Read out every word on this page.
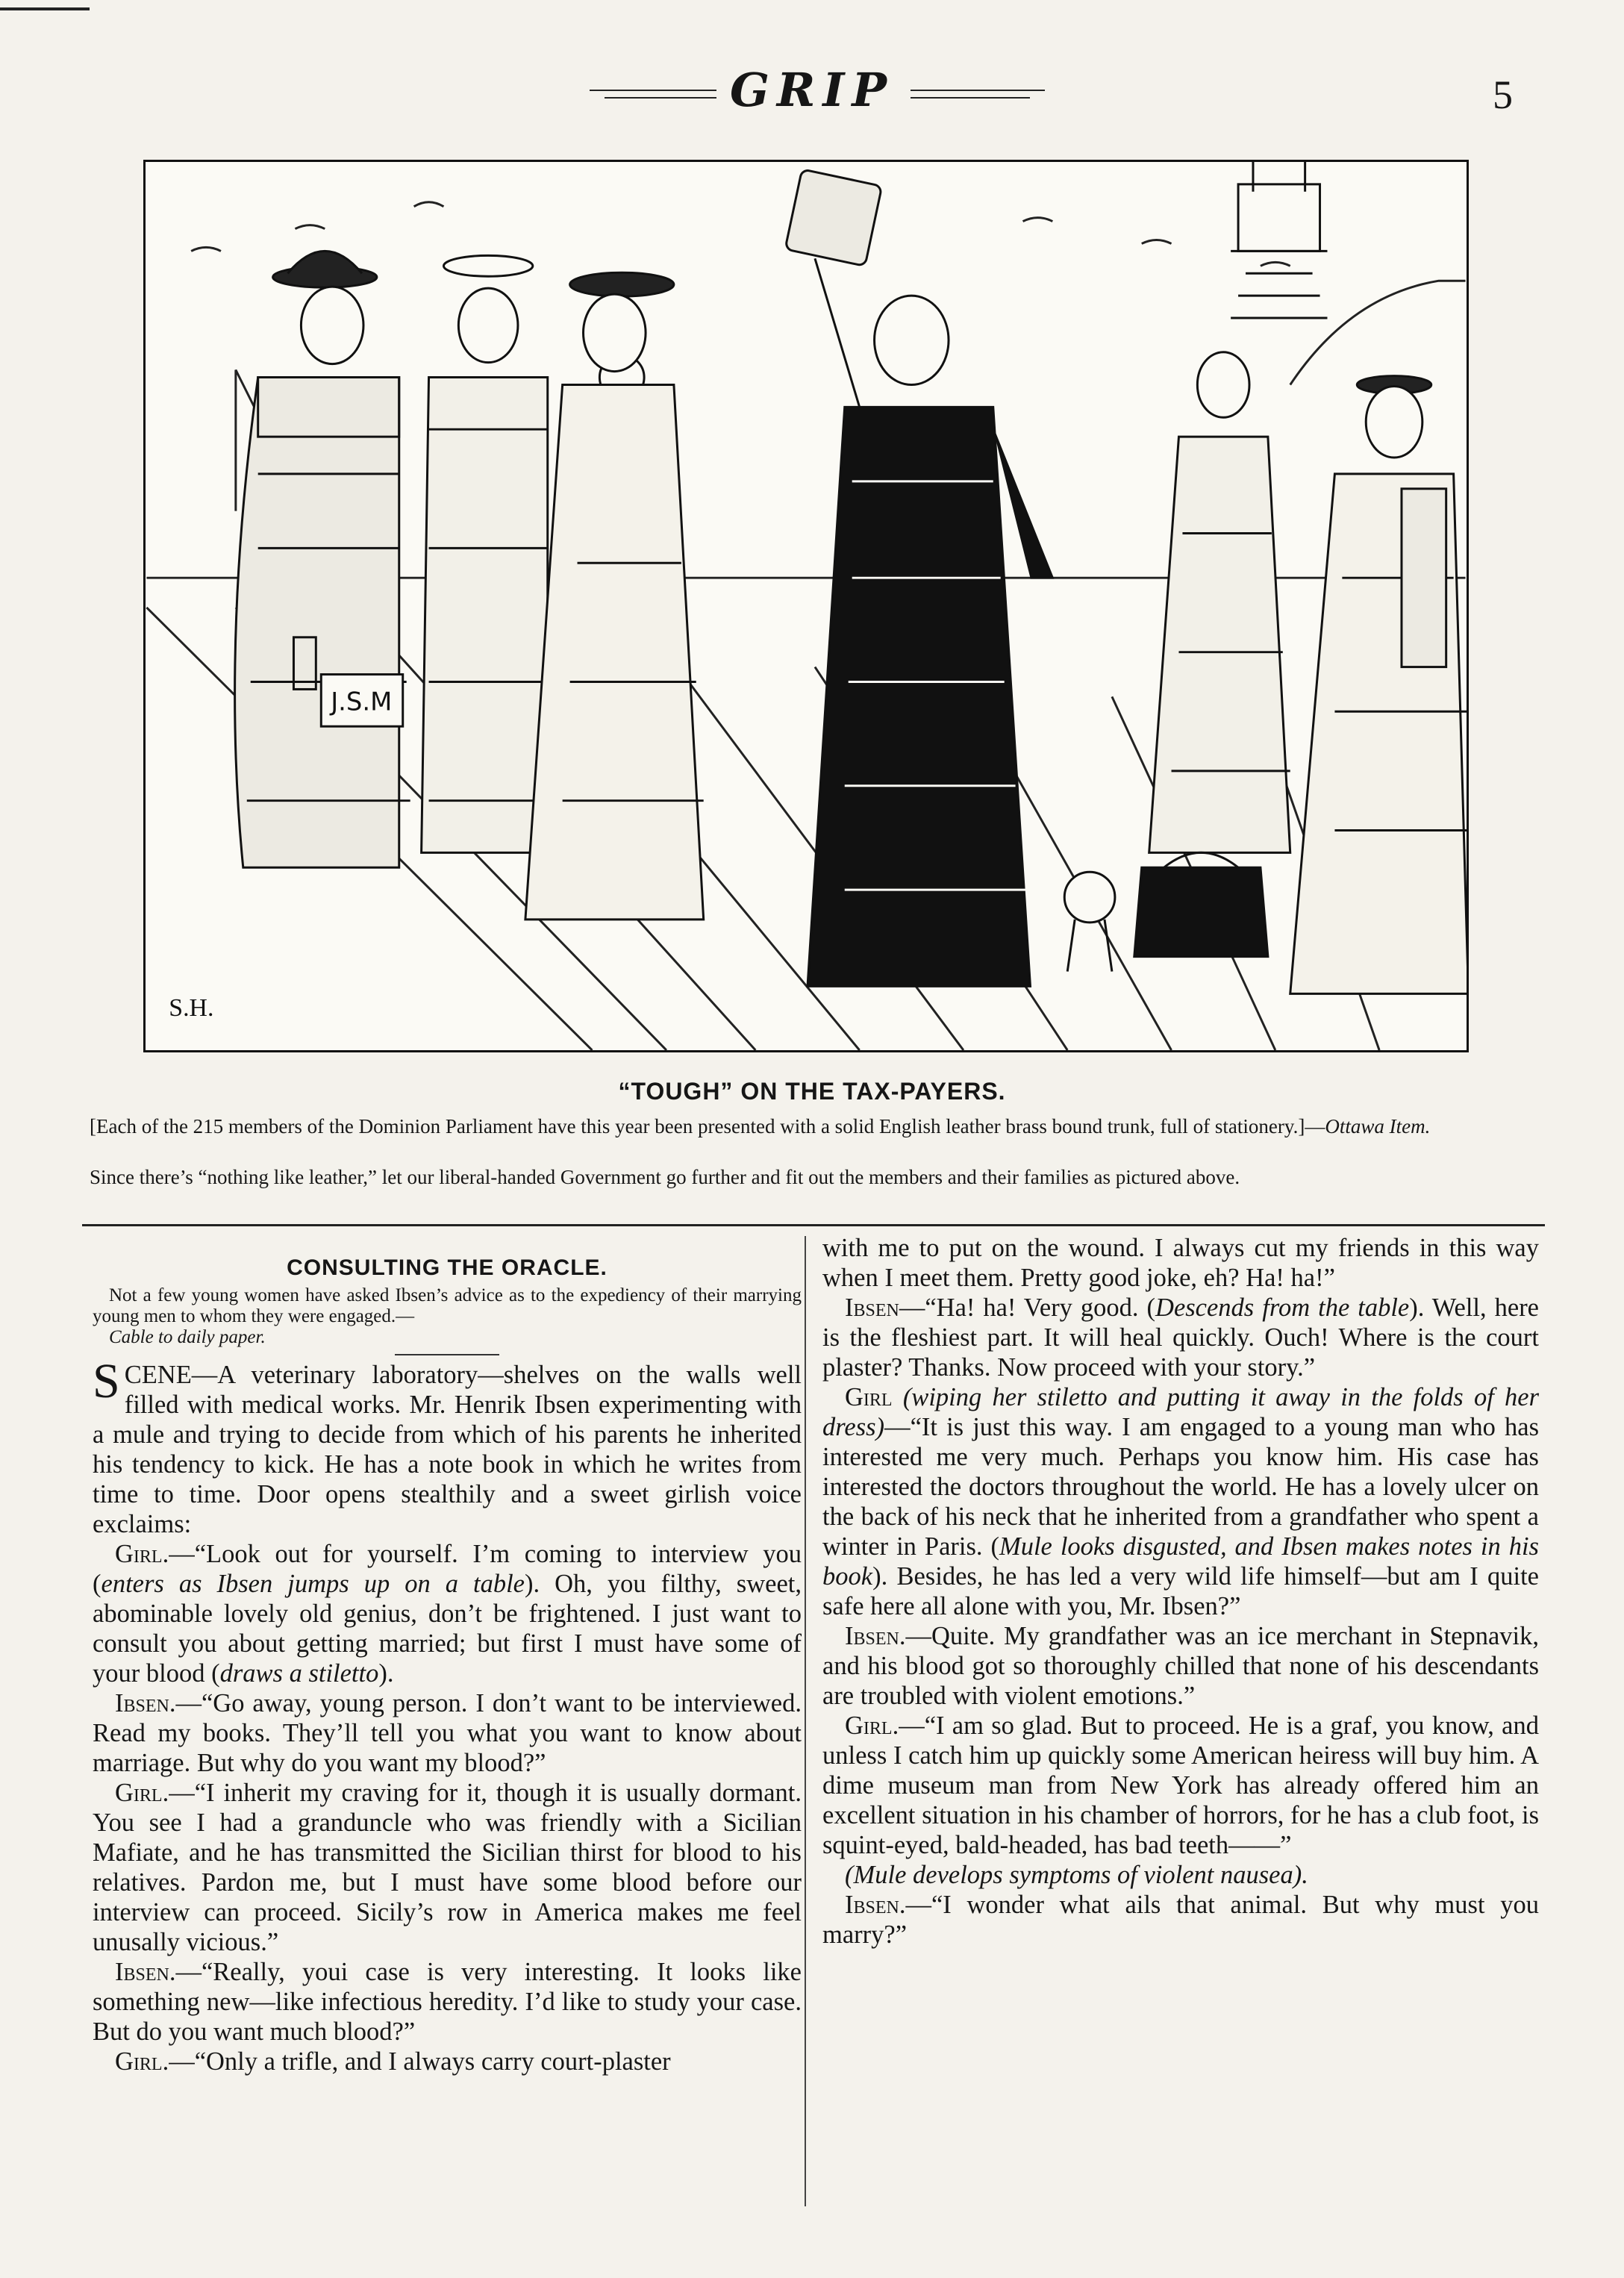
GRIP	5
J.S.M
S.H.
“TOUGH” ON THE TAX-PAYERS.
[Each of the 215 members of the Dominion Parliament have this year been presented with a solid English leather brass bound trunk, full of stationery.]—Ottawa Item.
Since there’s “nothing like leather,” let our liberal-handed Government go further and fit out the members and their families as pictured above.
CONSULTING THE ORACLE.
Not a few young women have asked Ibsen’s advice as to the expediency of their marrying young men to whom they were engaged.—
Cable to daily paper.

SCENE—A veterinary laboratory—shelves on the walls well filled with medical works. Mr. Henrik Ibsen experimenting with a mule and trying to decide from which of his parents he inherited his tendency to kick. He has a note book in which he writes from time to time. Door opens stealthily and a sweet girlish voice exclaims:

Girl.—“Look out for yourself. I’m coming to interview you (enters as Ibsen jumps up on a table). Oh, you filthy, sweet, abominable lovely old genius, don’t be frightened. I just want to consult you about getting married; but first I must have some of your blood (draws a stiletto).

Ibsen.—“Go away, young person. I don’t want to be interviewed. Read my books. They’ll tell you what you want to know about marriage. But why do you want my blood?”

Girl.—“I inherit my craving for it, though it is usually dormant. You see I had a granduncle who was friendly with a Sicilian Mafiate, and he has transmitted the Sicilian thirst for blood to his relatives. Pardon me, but I must have some blood before our interview can proceed. Sicily’s row in America makes me feel unusally vicious.”

Ibsen.—“Really, youi case is very interesting. It looks like something new—like infectious heredity. I’d like to study your case. But do you want much blood?”

Girl.—“Only a trifle, and I always carry court-plaster

with me to put on the wound. I always cut my friends in this way when I meet them. Pretty good joke, eh? Ha! ha!”

Ibsen—“Ha! ha! Very good. (Descends from the table). Well, here is the fleshiest part. It will heal quickly. Ouch! Where is the court plaster? Thanks. Now proceed with your story.”

Girl (wiping her stiletto and putting it away in the folds of her dress)—“It is just this way. I am engaged to a young man who has interested me very much. Perhaps you know him. His case has interested the doctors throughout the world. He has a lovely ulcer on the back of his neck that he inherited from a grandfather who spent a winter in Paris. (Mule looks disgusted, and Ibsen makes notes in his book). Besides, he has led a very wild life himself—but am I quite safe here all alone with you, Mr. Ibsen?”

Ibsen.—Quite. My grandfather was an ice merchant in Stepnavik, and his blood got so thoroughly chilled that none of his descendants are troubled with violent emotions.”

Girl.—“I am so glad. But to proceed. He is a graf, you know, and unless I catch him up quickly some American heiress will buy him. A dime museum man from New York has already offered him an excellent situation in his chamber of horrors, for he has a club foot, is squint-eyed, bald-headed, has bad teeth——”

(Mule develops symptoms of violent nausea).

Ibsen.—“I wonder what ails that animal. But why must you marry?”
